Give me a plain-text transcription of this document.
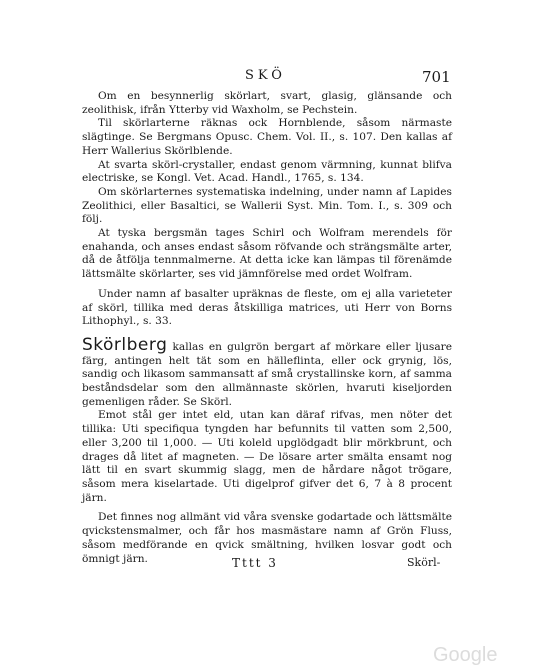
SKÖ	701

Om en besynnerlig skörlart, svart, glasig, glänsande och zeolithisk, ifrån Ytterby vid Waxholm, se Pechstein.

Til skörlarterne räknas ock Hornblende, såsom närmaste slägtinge. Se Bergmans Opusc. Chem. Vol. II., s. 107. Den kallas af Herr Wallerius Skörlblende.

At svarta skörl-crystaller, endast genom värmning, kunnat blifva electriske, se Kongl. Vet. Acad. Handl., 1765, s. 134.

Om skörlarternes systematiska indelning, under namn af Lapides Zeolithici, eller Basaltici, se Wallerii Syst. Min. Tom. I., s. 309 och följ.

At tyska bergsmän tages Schirl och Wolfram merendels för enahanda, och anses endast såsom röfvande och strängsmälte arter, då de åtfölja tennmalmerne. At detta icke kan lämpas til förenämde lättsmälte skörlarter, ses vid jämnförelse med ordet Wolfram.

Under namn af basalter upräknas de fleste, om ej alla varieteter af skörl, tillika med deras åtskilliga matrices, uti Herr von Borns Lithophyl., s. 33.

Skörlberg kallas en gulgrön bergart af mörkare eller ljusare färg, antingen helt tät som en hälleflinta, eller ock grynig, lös, sandig och likasom sammansatt af små crystallinske korn, af samma beståndsdelar som den allmännaste skörlen, hvaruti kiseljorden gemenligen råder. Se Skörl.

Emot stål ger intet eld, utan kan däraf rifvas, men nöter det tillika: Uti specifiqua tyngden har befunnits til vatten som 2,500, eller 3,200 til 1,000. — Uti koleld upglödgadt blir mörkbrunt, och drages då litet af magneten. — De lösare arter smälta ensamt nog lätt til en svart skummig slagg, men de hårdare något trögare, såsom mera kiselartade. Uti digelprof gifver det 6, 7 à 8 procent järn.

Det finnes nog allmänt vid våra svenske godartade och lättsmälte qvickstensmalmer, och får hos masmästare namn af Grön Fluss, såsom medförande en qvick smältning, hvilken losvar godt och ömnigt järn.	Tttt 3	Skörl-
Google
